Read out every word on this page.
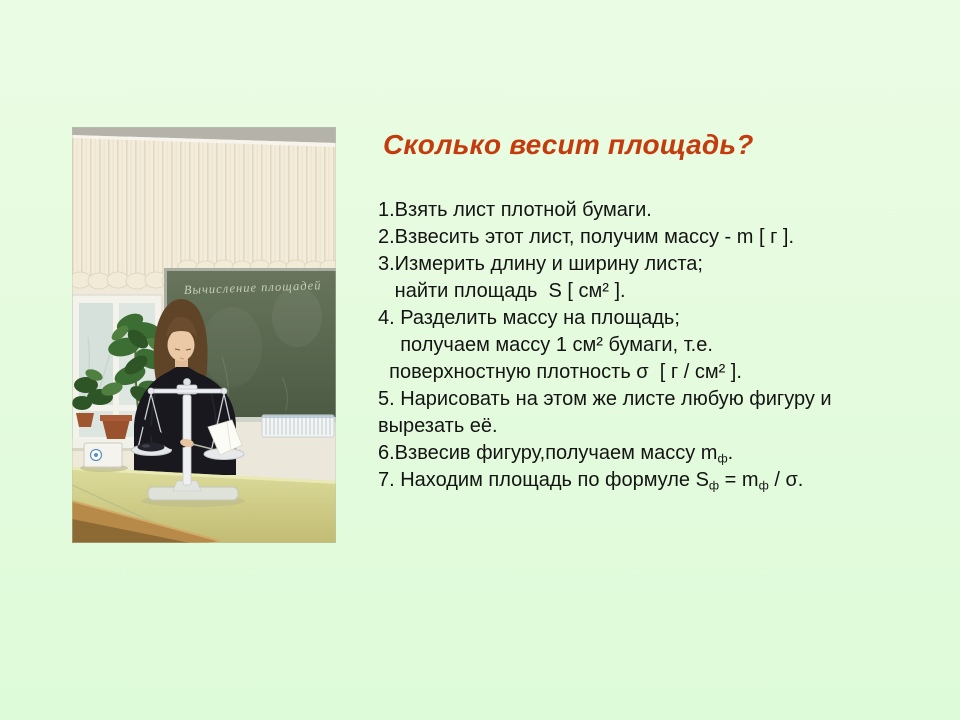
Вычисление площадей
Сколько весит площадь?
1.Взять лист плотной бумаги.
2.Взвесить этот лист, получим массу - m [ г ].
3.Измерить длину и ширину листа;
найти площадь  S [ см² ].
4. Разделить массу на площадь;
получаем массу 1 см² бумаги, т.е.
поверхностную плотность σ  [ г / см² ].
5. Нарисовать на этом же листе любую фигуру и
вырезать её.
6.Взвесив фигуру,получаем массу $m_ф$.
7. Находим площадь по формуле $S_ф = m_ф / \sigma$.
